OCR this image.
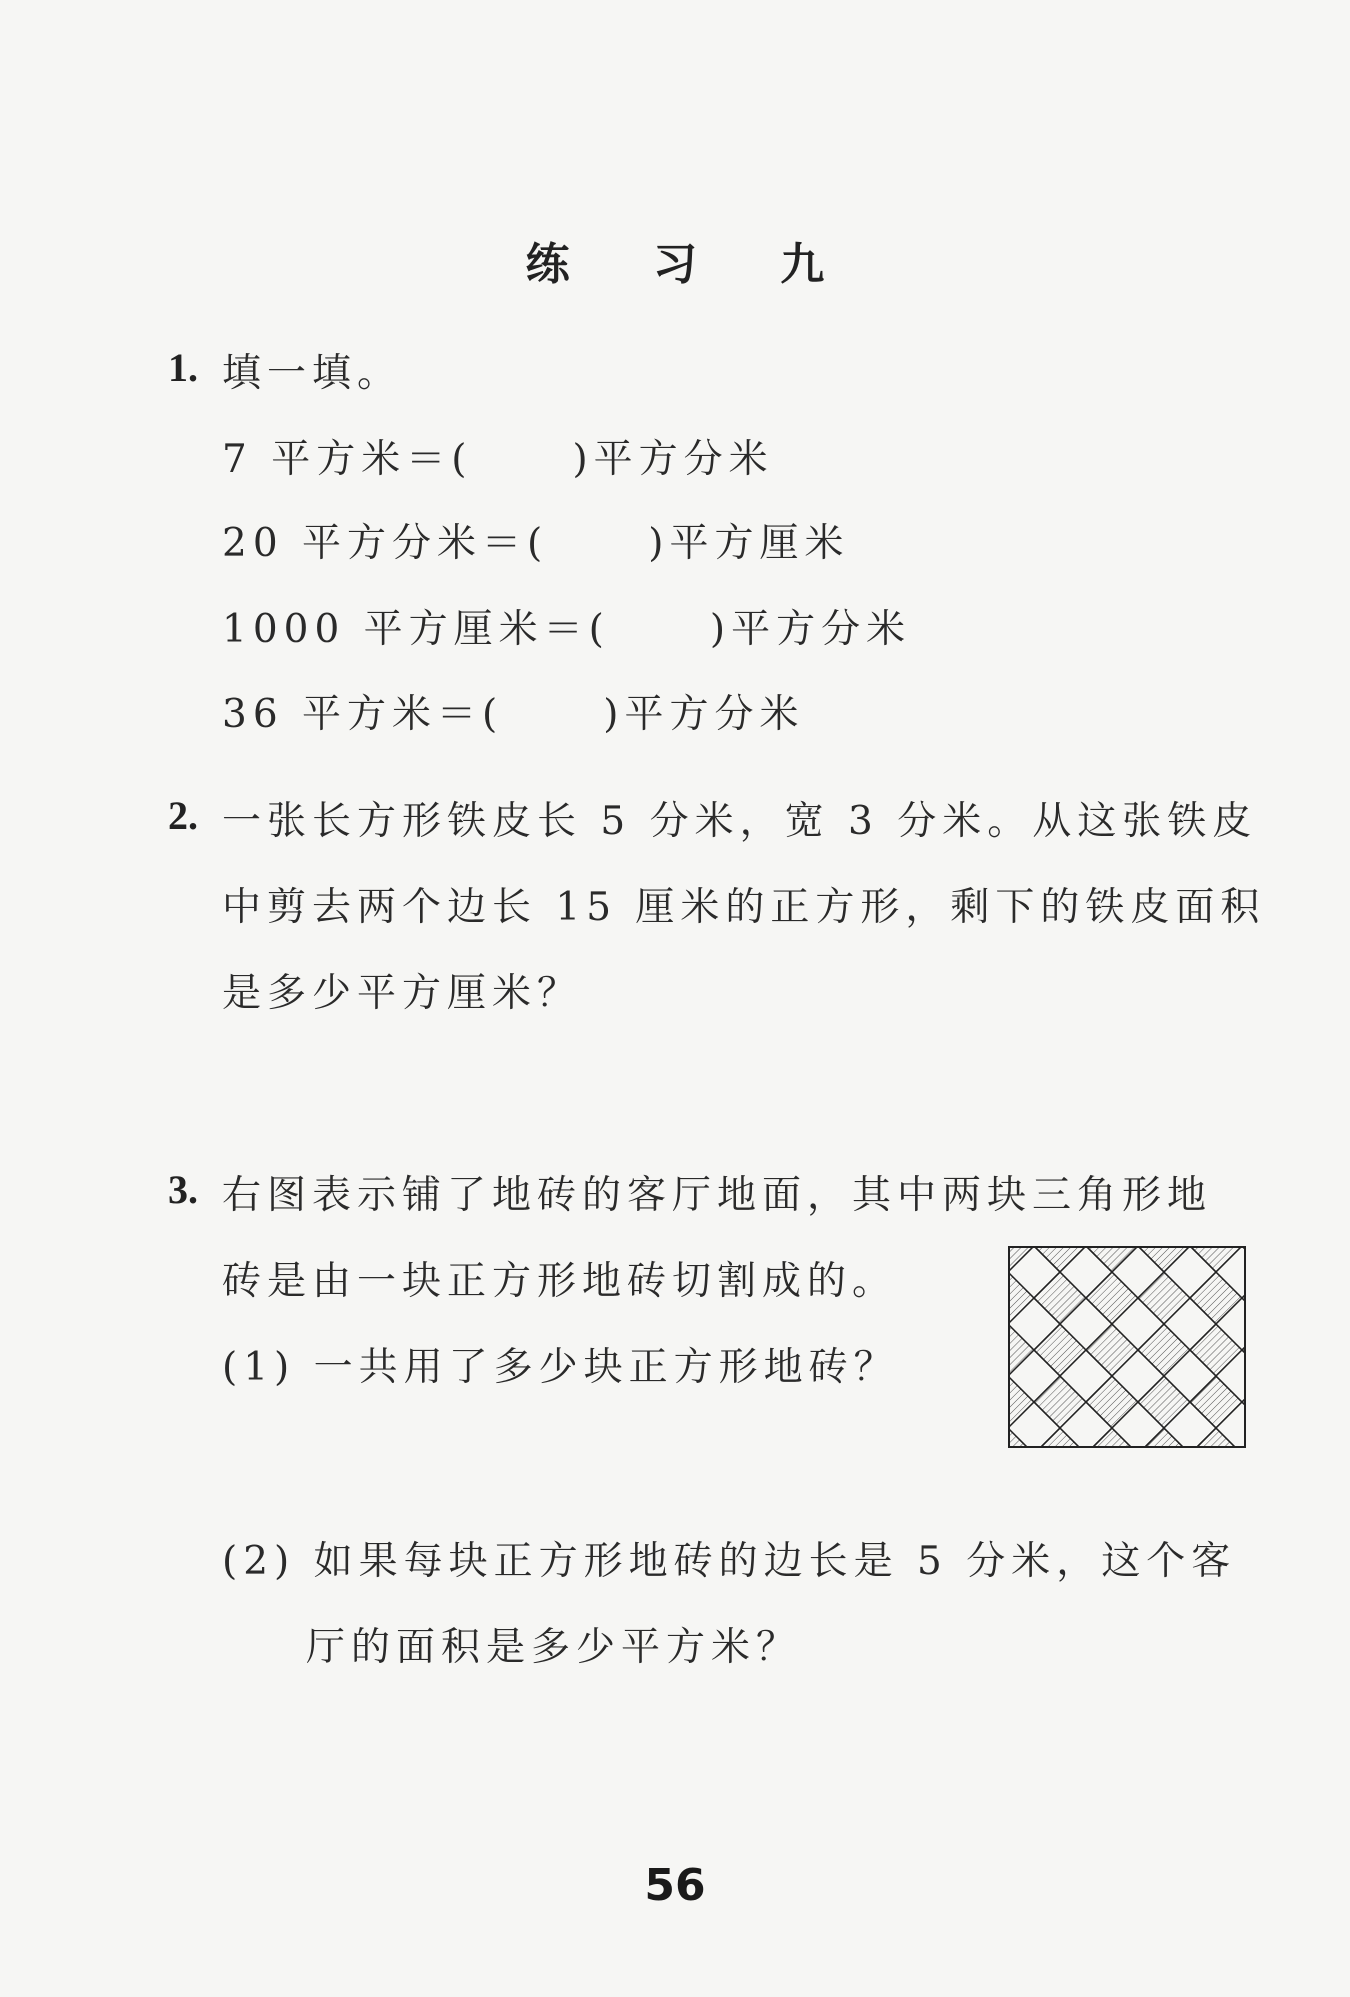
练 习 九
1. 填一填。
7 平方米＝(	)平方分米
20 平方分米＝(	)平方厘米
1000 平方厘米＝(	)平方分米
36 平方米＝(	)平方分米
2. 一张长方形铁皮长 5 分米，宽 3 分米。从这张铁皮
中剪去两个边长 15 厘米的正方形，剩下的铁皮面积
是多少平方厘米？
3. 右图表示铺了地砖的客厅地面，其中两块三角形地
砖是由一块正方形地砖切割成的。
(1) 一共用了多少块正方形地砖？
(2) 如果每块正方形地砖的边长是 5 分米，这个客
厅的面积是多少平方米？
56
